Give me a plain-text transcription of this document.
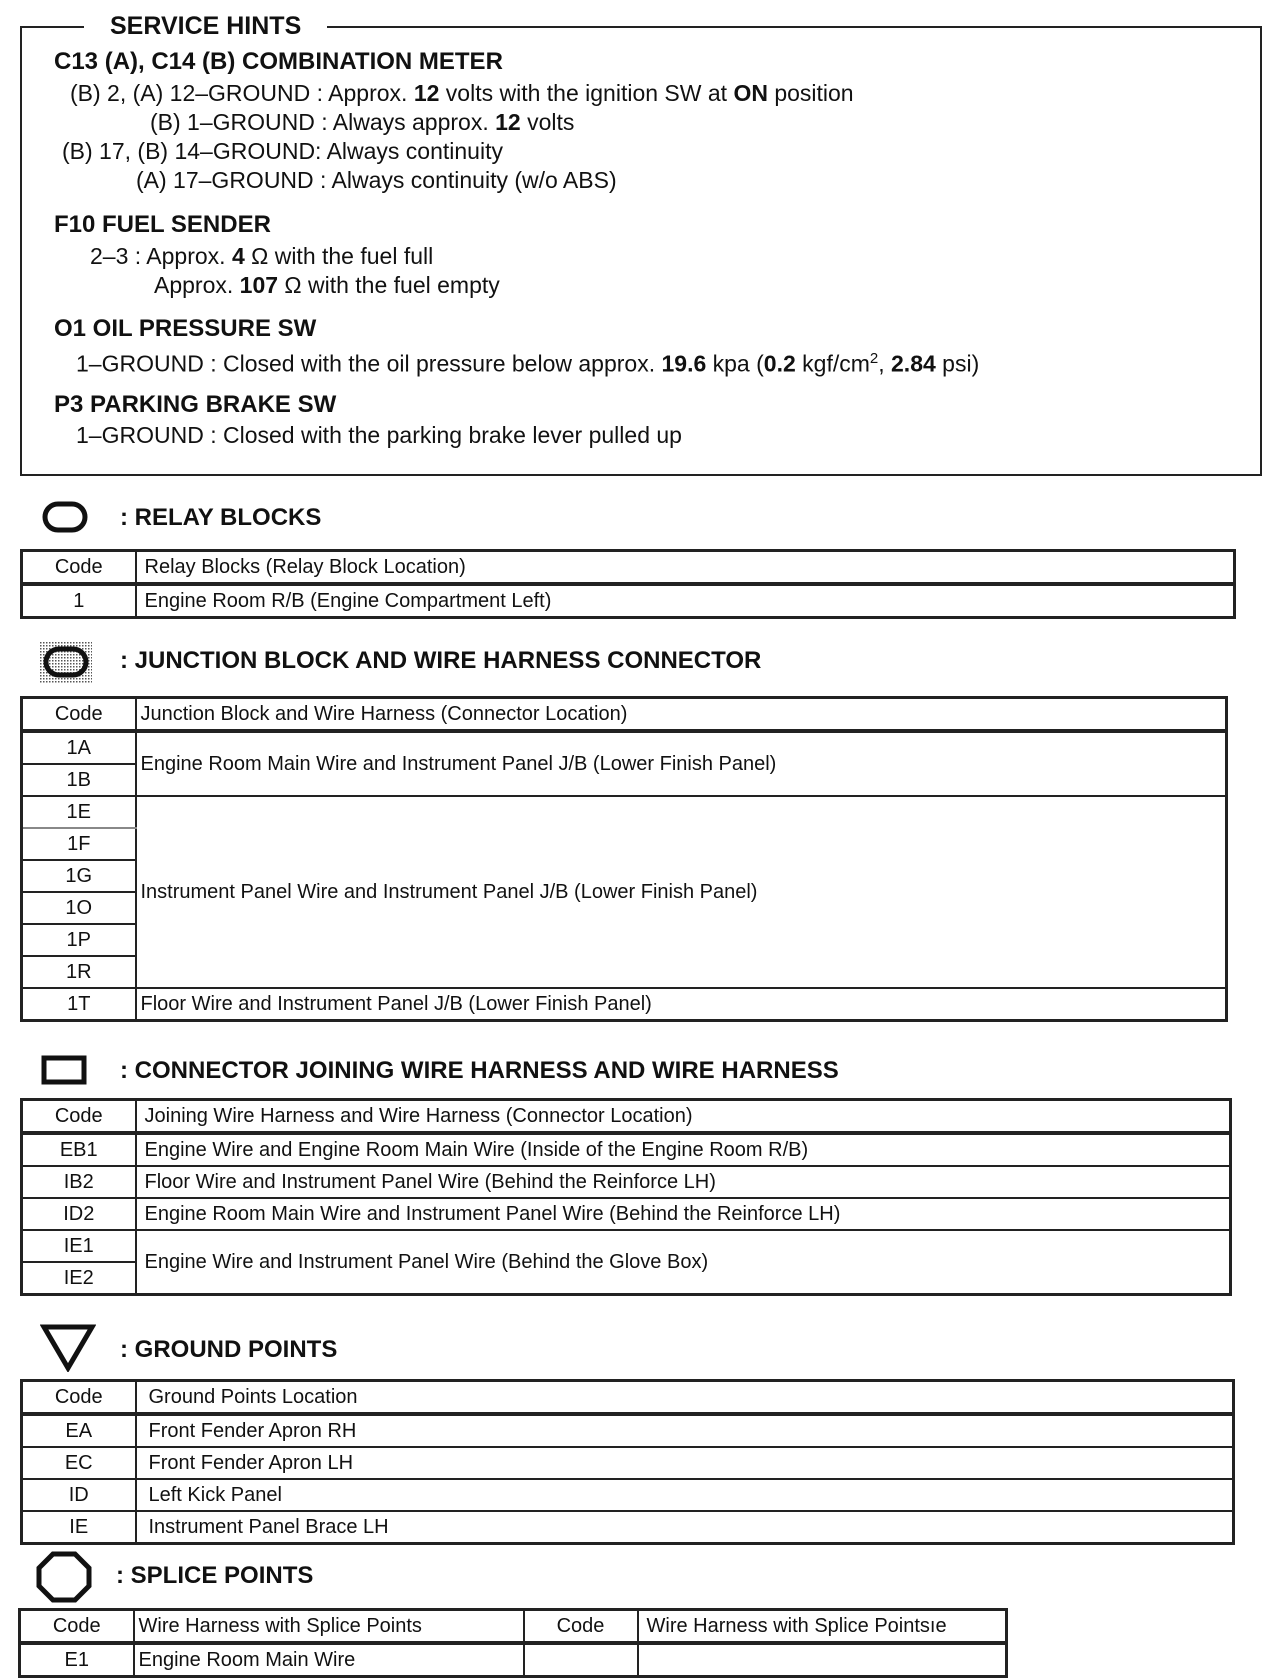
SERVICE HINTS
C13 (A), C14 (B) COMBINATION METER
(B) 2, (A) 12–GROUND : Approx. 12 volts with the ignition SW at ON position
(B) 1–GROUND : Always approx. 12 volts
(B) 17, (B) 14–GROUND: Always continuity
(A) 17–GROUND : Always continuity (w/o ABS)
F10 FUEL SENDER
2–3 : Approx. 4 Ω with the fuel full
Approx. 107 Ω with the fuel empty
O1 OIL PRESSURE SW
1–GROUND : Closed with the oil pressure below approx. 19.6 kpa (0.2 kgf/$cm^2$, 2.84 psi)
P3 PARKING BRAKE SW
1–GROUND : Closed with the parking brake lever pulled up
: RELAY BLOCKS
Code	Relay Blocks (Relay Block Location)
1	Engine Room R/B (Engine Compartment Left)
: JUNCTION BLOCK AND WIRE HARNESS CONNECTOR
Code	Junction Block and Wire Harness (Connector Location)
1A	Engine Room Main Wire and Instrument Panel J/B (Lower Finish Panel)
1B	
1E	Instrument Panel Wire and Instrument Panel J/B (Lower Finish Panel)
1F	
1G	
1O	
1P	
1R	
1T	Floor Wire and Instrument Panel J/B (Lower Finish Panel)
: CONNECTOR JOINING WIRE HARNESS AND WIRE HARNESS
Code	Joining Wire Harness and Wire Harness (Connector Location)
EB1	Engine Wire and Engine Room Main Wire (Inside of the Engine Room R/B)
IB2	Floor Wire and Instrument Panel Wire (Behind the Reinforce LH)
ID2	Engine Room Main Wire and Instrument Panel Wire (Behind the Reinforce LH)
IE1	Engine Wire and Instrument Panel Wire (Behind the Glove Box)
IE2	
: GROUND POINTS
Code	Ground Points Location
EA	Front Fender Apron RH
EC	Front Fender Apron LH
ID	Left Kick Panel
IE	Instrument Panel Brace LH
: SPLICE POINTS
Code	Wire Harness with Splice Points	Code	Wire Harness with Splice Pointsıe
E1	Engine Room Main Wire		
